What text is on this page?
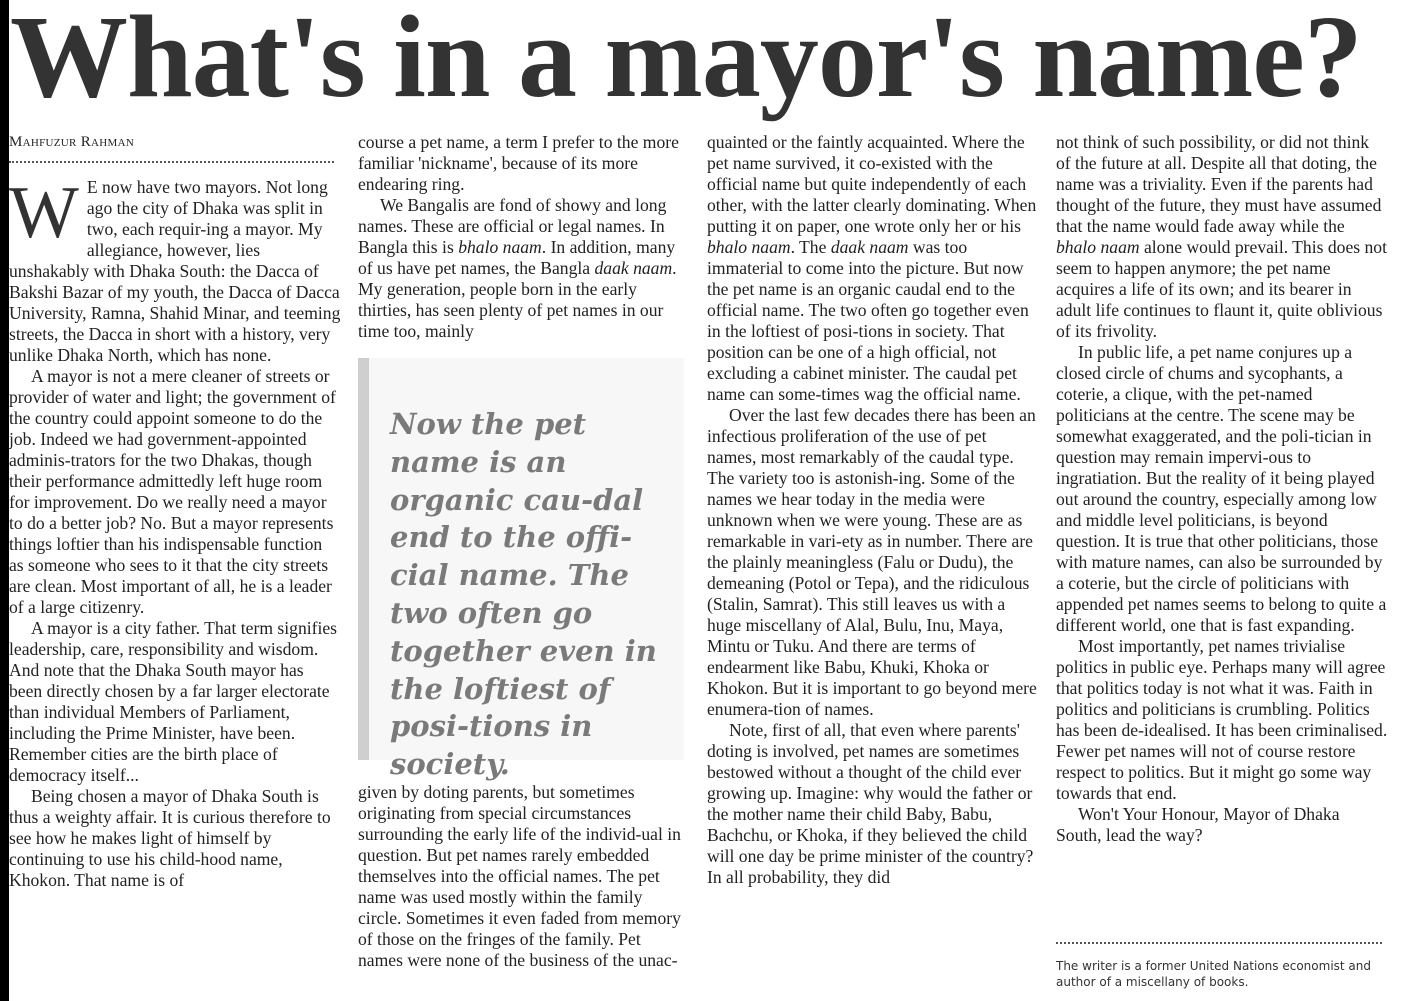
What's in a mayor's name?

Mahfuzur Rahman

W E now have two mayors. Not long ago the city of Dhaka was split in two, each requir-ing a mayor. My allegiance, however, lies unshakably with Dhaka South: the Dacca of Bakshi Bazar of my youth, the Dacca of Dacca University, Ramna, Shahid Minar, and teeming streets, the Dacca in short with a history, very unlike Dhaka North, which has none.

A mayor is not a mere cleaner of streets or provider of water and light; the government of the country could appoint someone to do the job. Indeed we had government-appointed adminis-trators for the two Dhakas, though their performance admittedly left huge room for improvement. Do we really need a mayor to do a better job? No. But a mayor represents things loftier than his indispensable function as someone who sees to it that the city streets are clean. Most important of all, he is a leader of a large citizenry.

A mayor is a city father. That term signifies leadership, care, responsibility and wisdom. And note that the Dhaka South mayor has been directly chosen by a far larger electorate than individual Members of Parliament, including the Prime Minister, have been. Remember cities are the birth place of democracy itself...

Being chosen a mayor of Dhaka South is thus a weighty affair. It is curious therefore to see how he makes light of himself by continuing to use his child-hood name, Khokon. That name is of

course a pet name, a term I prefer to the more familiar 'nickname', because of its more endearing ring.

We Bangalis are fond of showy and long names. These are official or legal names. In Bangla this is bhalo naam. In addition, many of us have pet names, the Bangla daak naam. My generation, people born in the early thirties, has seen plenty of pet names in our time too, mainly

Now the pet name is an organic cau-dal end to the offi-cial name. The two often go together even in the loftiest of posi-tions in society.

given by doting parents, but sometimes originating from special circumstances surrounding the early life of the individ-ual in question. But pet names rarely embedded themselves into the official names. The pet name was used mostly within the family circle. Sometimes it even faded from memory of those on the fringes of the family. Pet names were none of the business of the unac-

quainted or the faintly acquainted. Where the pet name survived, it co-existed with the official name but quite independently of each other, with the latter clearly dominating. When putting it on paper, one wrote only her or his bhalo naam. The daak naam was too immaterial to come into the picture. But now the pet name is an organic caudal end to the official name. The two often go together even in the loftiest of posi-tions in society. That position can be one of a high official, not excluding a cabinet minister. The caudal pet name can some-times wag the official name.

Over the last few decades there has been an infectious proliferation of the use of pet names, most remarkably of the caudal type. The variety too is astonish-ing. Some of the names we hear today in the media were unknown when we were young. These are as remarkable in vari-ety as in number. There are the plainly meaningless (Falu or Dudu), the demeaning (Potol or Tepa), and the ridiculous (Stalin, Samrat). This still leaves us with a huge miscellany of Alal, Bulu, Inu, Maya, Mintu or Tuku. And there are terms of endearment like Babu, Khuki, Khoka or Khokon. But it is important to go beyond mere enumera-tion of names.

Note, first of all, that even where parents' doting is involved, pet names are sometimes bestowed without a thought of the child ever growing up. Imagine: why would the father or the mother name their child Baby, Babu, Bachchu, or Khoka, if they believed the child will one day be prime minister of the country? In all probability, they did

not think of such possibility, or did not think of the future at all. Despite all that doting, the name was a triviality. Even if the parents had thought of the future, they must have assumed that the name would fade away while the bhalo naam alone would prevail. This does not seem to happen anymore; the pet name acquires a life of its own; and its bearer in adult life continues to flaunt it, quite oblivious of its frivolity.

In public life, a pet name conjures up a closed circle of chums and sycophants, a coterie, a clique, with the pet-named politicians at the centre. The scene may be somewhat exaggerated, and the poli-tician in question may remain impervi-ous to ingratiation. But the reality of it being played out around the country, especially among low and middle level politicians, is beyond question. It is true that other politicians, those with mature names, can also be surrounded by a coterie, but the circle of politicians with appended pet names seems to belong to quite a different world, one that is fast expanding.

Most importantly, pet names trivialise politics in public eye. Perhaps many will agree that politics today is not what it was. Faith in politics and politicians is crumbling. Politics has been de-idealised. It has been criminalised. Fewer pet names will not of course restore respect to politics. But it might go some way towards that end.

Won't Your Honour, Mayor of Dhaka South, lead the way?

The writer is a former United Nations economist and author of a miscellany of books.
